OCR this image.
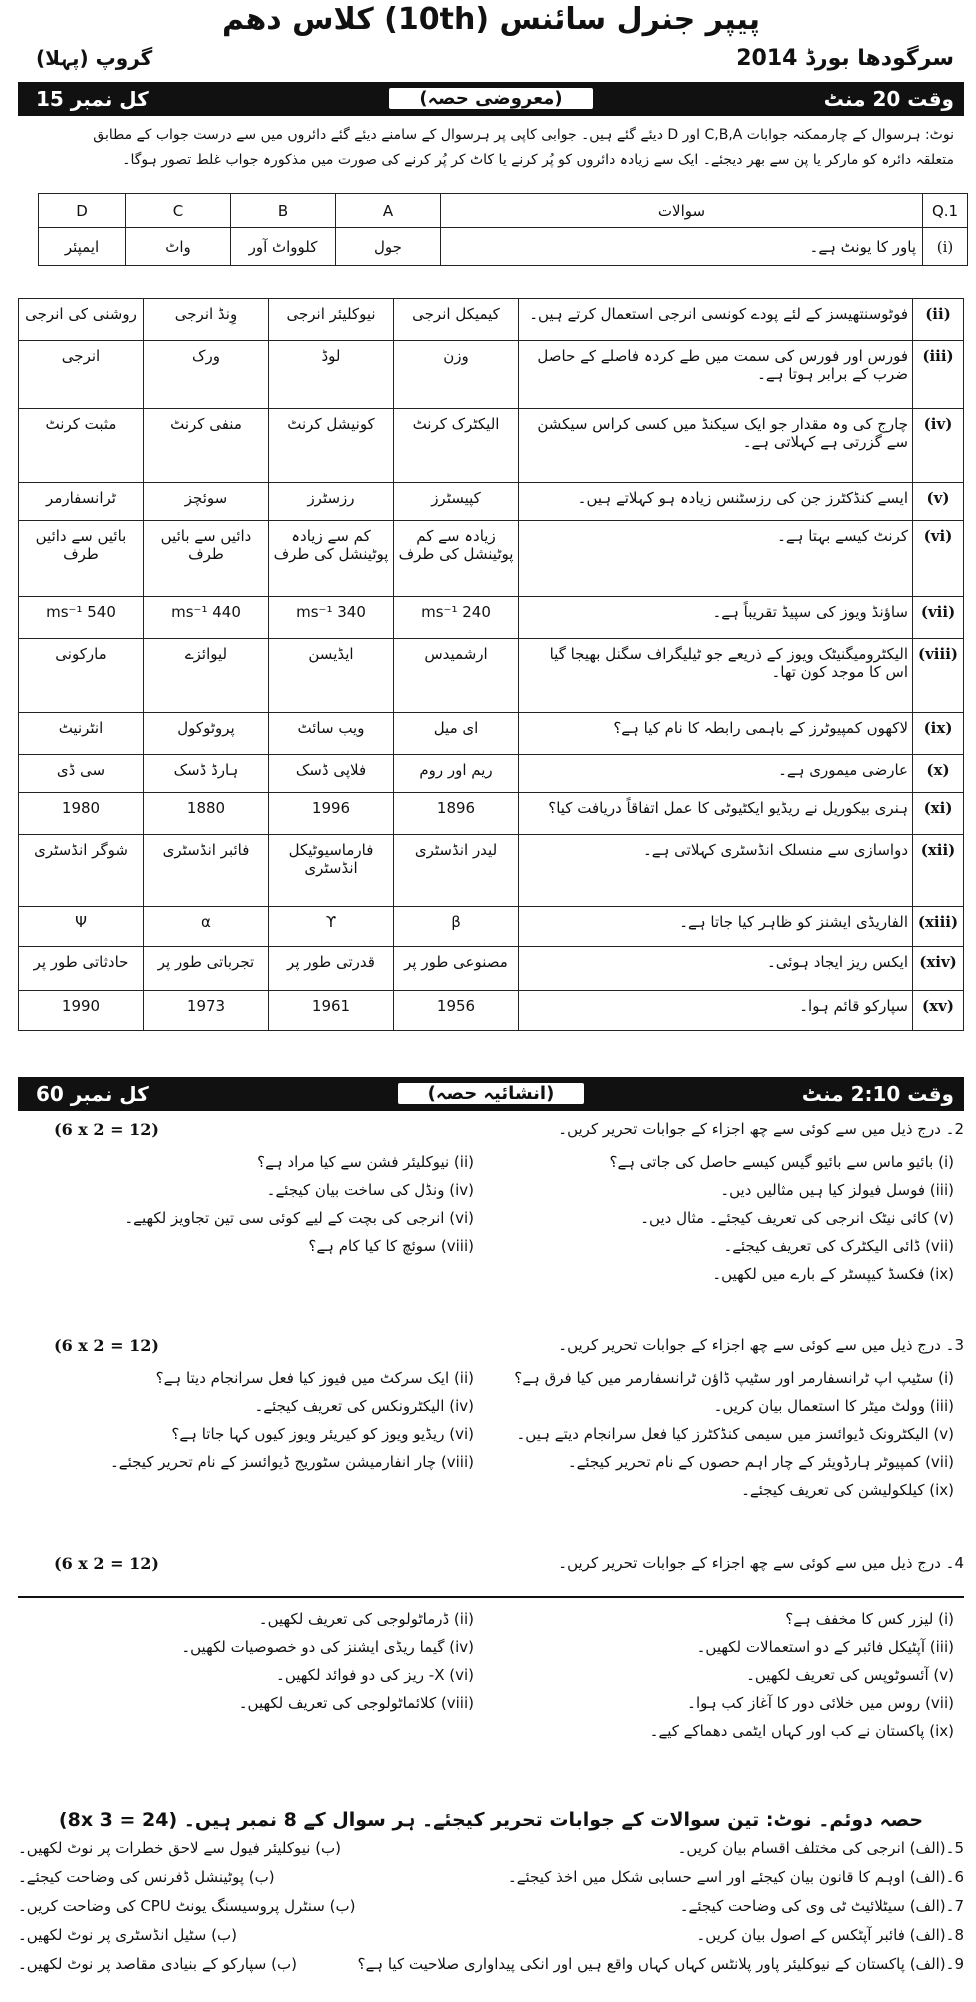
پیپر جنرل سائنس (10th) کلاس دھم
سرگودھا بورڈ 2014
گروپ (پہلا)
وقت 20 منٹ
(معروضی حصہ)
کل نمبر 15
نوٹ: ہرسوال کے چارممکنہ جوابات C,B,A اور D دیئے گئے ہیں۔ جوابی کاپی پر ہرسوال کے سامنے دیئے گئے دائروں میں سے درست جواب کے مطابق
متعلقہ دائرہ کو مارکر یا پن سے بھر دیجئے۔ ایک سے زیادہ دائروں کو پُر کرنے یا کاٹ کر پُر کرنے کی صورت میں مذکورہ جواب غلط تصور ہوگا۔
D	C	B	A	سوالات	Q.1
ایمپئر	واٹ	کلوواٹ آور	جول	پاور کا یونٹ ہے۔	(i)
روشنی کی انرجی	وِنڈ انرجی	نیوکلیئر انرجی	کیمیکل انرجی	فوٹوسنتھیسز کے لئے پودے کونسی انرجی استعمال کرتے ہیں۔	(ii)
انرجی	ورک	لوڈ	وزن	فورس اور فورس کی سمت میں طے کردہ فاصلے کے حاصل ضرب کے برابر ہوتا ہے۔	(iii)
مثبت کرنٹ	منفی کرنٹ	کونیشل کرنٹ	الیکٹرک کرنٹ	چارج کی وہ مقدار جو ایک سیکنڈ میں کسی کراس سیکشن سے گزرتی ہے کہلاتی ہے۔	(iv)
ٹرانسفارمر	سوئچز	رزسٹرز	کپیسٹرز	ایسے کنڈکٹرز جن کی رزسٹنس زیادہ ہو کہلاتے ہیں۔	(v)
بائیں سے دائیں طرف	دائیں سے بائیں طرف	کم سے زیادہ پوٹینشل کی طرف	زیادہ سے کم پوٹینشل کی طرف	کرنٹ کیسے بہتا ہے۔	(vi)
540 ms⁻¹	440 ms⁻¹	340 ms⁻¹	240 ms⁻¹	ساؤنڈ ویوز کی سپیڈ تقریباً ہے۔	(vii)
مارکونی	لیوائزے	ایڈیسن	ارشمیدس	الیکٹرومیگنیٹک ویوز کے ذریعے جو ٹیلیگراف سگنل بھیجا گیا اس کا موجد کون تھا۔	(viii)
انٹرنیٹ	پروٹوکول	ویب سائٹ	ای میل	لاکھوں کمپیوٹرز کے باہمی رابطہ کا نام کیا ہے؟	(ix)
سی ڈی	ہارڈ ڈسک	فلاپی ڈسک	ریم اور روم	عارضی میموری ہے۔	(x)
1980	1880	1996	1896	ہنری بیکوریل نے ریڈیو ایکٹیوٹی کا عمل اتفاقاً دریافت کیا؟	(xi)
شوگر انڈسٹری	فائبر انڈسٹری	فارماسیوٹیکل انڈسٹری	لیدر انڈسٹری	دواسازی سے منسلک انڈسٹری کہلاتی ہے۔	(xii)
Ψ	α	ϒ	β	الفاریڈی ایشنز کو ظاہر کیا جاتا ہے۔	(xiii)
حادثاتی طور پر	تجرباتی طور پر	قدرتی طور پر	مصنوعی طور پر	ایکس ریز ایجاد ہوئی۔	(xiv)
1990	1973	1961	1956	سپارکو قائم ہوا۔	(xv)
وقت 2:10 منٹ
(انشائیہ حصہ)
کل نمبر 60
2۔ درج ذیل میں سے کوئی سے چھ اجزاء کے جوابات تحریر کریں۔
(6 x 2 = 12)
(i) بائیو ماس سے بائیو گیس کیسے حاصل کی جاتی ہے؟
(iii) فوسل فیولز کیا ہیں مثالیں دیں۔
(v) کائی نیٹک انرجی کی تعریف کیجئے۔ مثال دیں۔
(vii) ڈائی الیکٹرک کی تعریف کیجئے۔
(ix) فکسڈ کیپسٹر کے بارے میں لکھیں۔
(ii) نیوکلیئر فشن سے کیا مراد ہے؟
(iv) ونڈل کی ساخت بیان کیجئے۔
(vi) انرجی کی بچت کے لیے کوئی سی تین تجاویز لکھیے۔
(viii) سوئچ کا کیا کام ہے؟
3۔ درج ذیل میں سے کوئی سے چھ اجزاء کے جوابات تحریر کریں۔
(6 x 2 = 12)
(i) سٹیپ اپ ٹرانسفارمر اور سٹیپ ڈاؤن ٹرانسفارمر میں کیا فرق ہے؟
(iii) وولٹ میٹر کا استعمال بیان کریں۔
(v) الیکٹرونک ڈیوائسز میں سیمی کنڈکٹرز کیا فعل سرانجام دیتے ہیں۔
(vii) کمپیوٹر ہارڈویئر کے چار اہم حصوں کے نام تحریر کیجئے۔
(ix) کیلکولیشن کی تعریف کیجئے۔
(ii) ایک سرکٹ میں فیوز کیا فعل سرانجام دیتا ہے؟
(iv) الیکٹرونکس کی تعریف کیجئے۔
(vi) ریڈیو ویوز کو کیریئر ویوز کیوں کہا جاتا ہے؟
(viii) چار انفارمیشن سٹوریج ڈیوائسز کے نام تحریر کیجئے۔
4۔ درج ذیل میں سے کوئی سے چھ اجزاء کے جوابات تحریر کریں۔
(6 x 2 = 12)
(i) لیزر کس کا مخفف ہے؟
(iii) آپٹیکل فائبر کے دو استعمالات لکھیں۔
(v) آئسوٹوپس کی تعریف لکھیں۔
(vii) روس میں خلائی دور کا آغاز کب ہوا۔
(ix) پاکستان نے کب اور کہاں ایٹمی دھماکے کیے۔
(ii) ڈرماٹولوجی کی تعریف لکھیں۔
(iv) گیما ریڈی ایشنز کی دو خصوصیات لکھیں۔
(vi) X- ریز کی دو فوائد لکھیں۔
(viii) کلائماٹولوجی کی تعریف لکھیں۔
حصہ دوئم۔ نوٹ: تین سوالات کے جوابات تحریر کیجئے۔ ہر سوال کے 8 نمبر ہیں۔ (8x 3 = 24)
5۔(الف) انرجی کی مختلف اقسام بیان کریں۔
(ب) نیوکلیئر فیول سے لاحق خطرات پر نوٹ لکھیں۔
6۔(الف) اوہم کا قانون بیان کیجئے اور اسے حسابی شکل میں اخذ کیجئے۔
(ب) پوٹینشل ڈفرنس کی وضاحت کیجئے۔
7۔(الف) سیٹلائیٹ ٹی وی کی وضاحت کیجئے۔
(ب) سنٹرل پروسیسنگ یونٹ CPU کی وضاحت کریں۔
8۔(الف) فائبر آپٹکس کے اصول بیان کریں۔
(ب) سٹیل انڈسٹری پر نوٹ لکھیں۔
9۔(الف) پاکستان کے نیوکلیئر پاور پلانٹس کہاں کہاں واقع ہیں اور انکی پیداواری صلاحیت کیا ہے؟
(ب) سپارکو کے بنیادی مقاصد پر نوٹ لکھیں۔
